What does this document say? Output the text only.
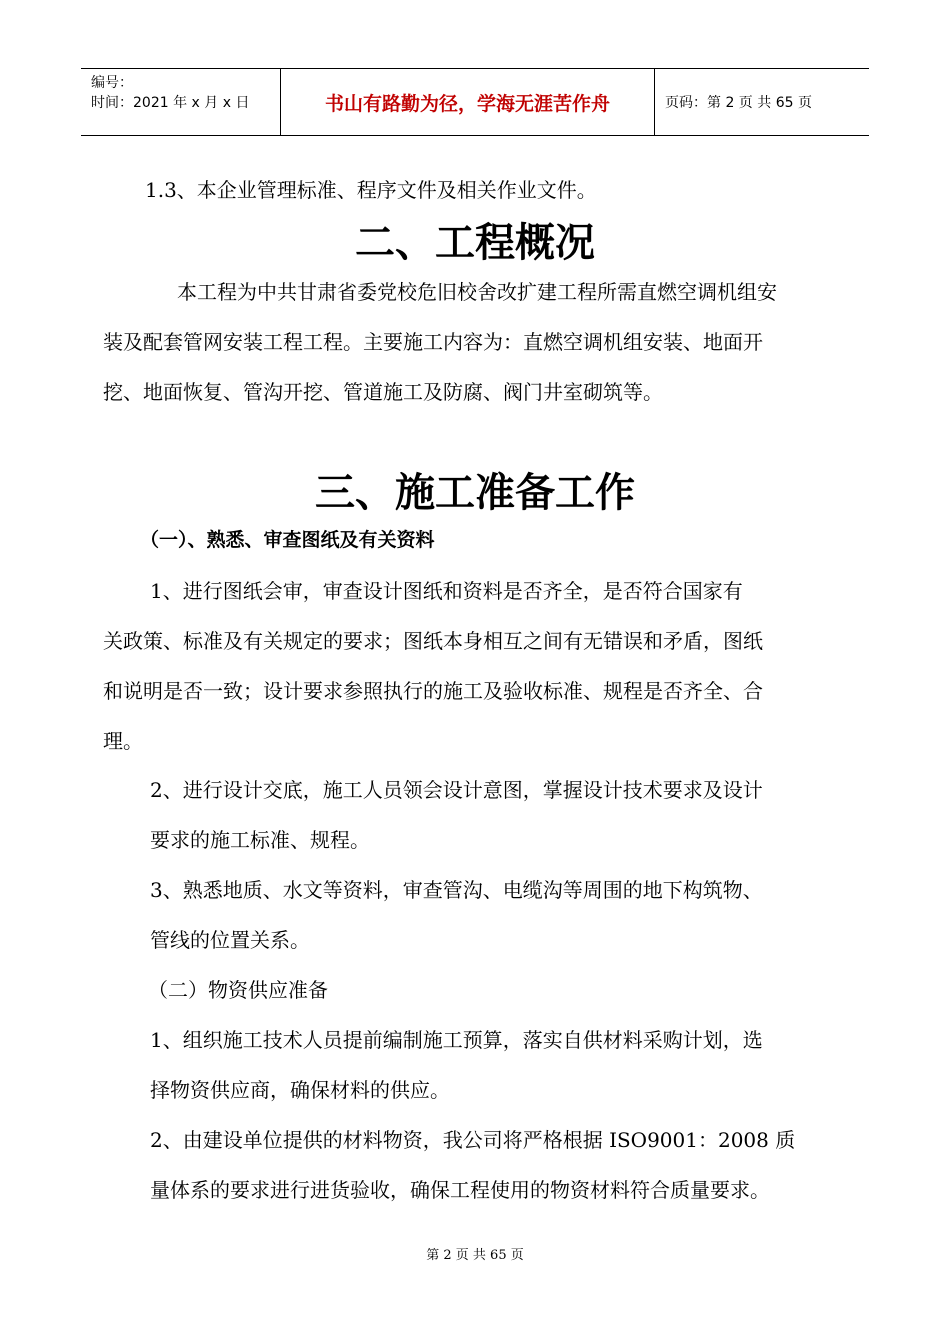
编号：
时间：2021 年 x 月 x 日	书山有路勤为径，学海无涯苦作舟	页码：第 2 页 共 65 页
1.3、本企业管理标准、程序文件及相关作业文件。
二、工程概况
本工程为中共甘肃省委党校危旧校舍改扩建工程所需直燃空调机组安
装及配套管网安装工程工程。主要施工内容为：直燃空调机组安装、地面开
挖、地面恢复、管沟开挖、管道施工及防腐、阀门井室砌筑等。
三、施工准备工作
（一）、熟悉、审查图纸及有关资料
1、进行图纸会审，审查设计图纸和资料是否齐全，是否符合国家有
关政策、标准及有关规定的要求；图纸本身相互之间有无错误和矛盾，图纸
和说明是否一致；设计要求参照执行的施工及验收标准、规程是否齐全、合
理。
2、进行设计交底，施工人员领会设计意图，掌握设计技术要求及设计
要求的施工标准、规程。
3、熟悉地质、水文等资料，审查管沟、电缆沟等周围的地下构筑物、
管线的位置关系。
（二）物资供应准备
1、组织施工技术人员提前编制施工预算，落实自供材料采购计划，选
择物资供应商，确保材料的供应。
2、由建设单位提供的材料物资，我公司将严格根据 ISO9001：2008 质
量体系的要求进行进货验收，确保工程使用的物资材料符合质量要求。
第 2 页 共 65 页
